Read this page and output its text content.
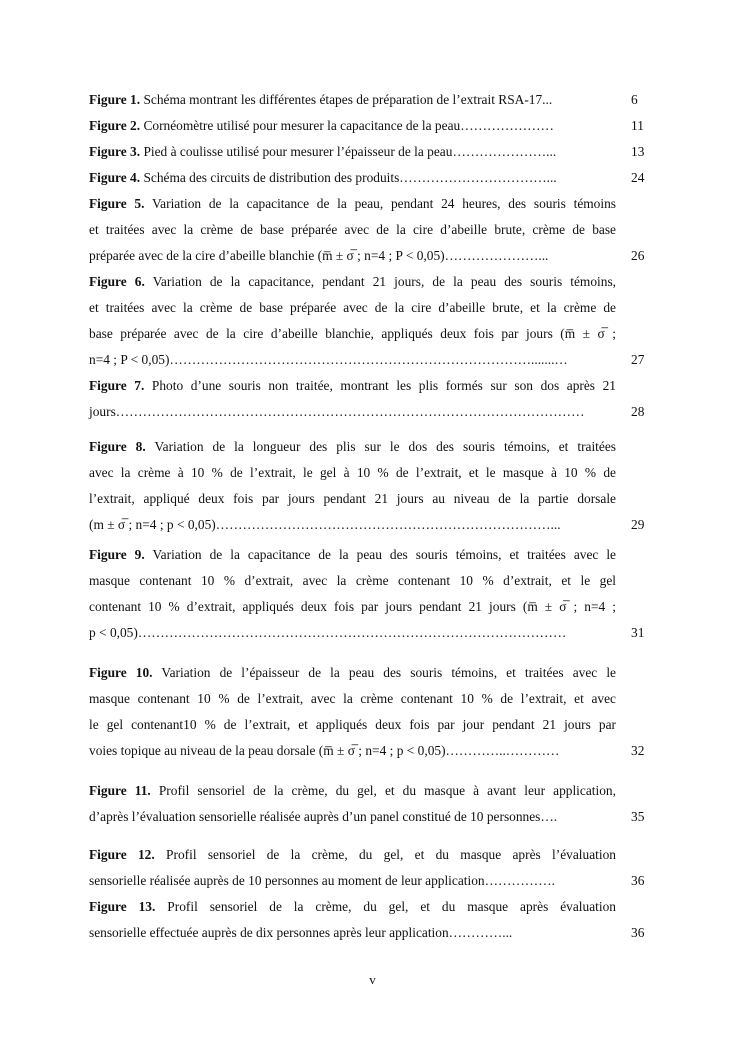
Figure 1. Schéma montrant les différentes étapes de préparation de l’extrait RSA-17...	6
Figure 2. Cornéomètre utilisé pour mesurer la capacitance de la peau…………………	11
Figure 3. Pied à coulisse utilisé pour mesurer l’épaisseur de la peau…………………...	13
Figure 4. Schéma des circuits de distribution des produits……………………………...	24
Figure 5. Variation de la capacitance de la peau, pendant 24 heures, des souris témoins
et traitées avec la crème de base préparée avec de la cire d’abeille brute, crème de base
préparée avec de la cire d’abeille blanchie (m̅ ± σ̅ ; n=4 ; P < 0,05)…………………...	26
Figure 6. Variation de la capacitance, pendant 21 jours, de la peau des souris témoins,
et traitées avec la crème de base préparée avec de la cire d’abeille brute, et la crème de
base préparée avec de la cire d’abeille blanchie, appliqués deux fois par jours (m̅ ± σ̅ ;
n=4 ; P < 0,05)……………………………………………………………………….......…	27
Figure 7. Photo d’une souris non traitée, montrant les plis formés sur son dos après 21
jours……………………………………………………………………………………………	28
Figure 8. Variation de la longueur des plis sur le dos des souris témoins, et traitées
avec la crème à 10 % de l’extrait, le gel à 10 % de l’extrait, et le masque à 10 % de
l’extrait, appliqué deux fois par jours pendant 21 jours au niveau de la partie dorsale
(m ± σ̅ ; n=4 ; p < 0,05)…………………………………………………………………...	29
Figure 9. Variation de la capacitance de la peau des souris témoins, et traitées avec le
masque contenant 10 % d’extrait, avec la crème contenant 10 % d’extrait, et le gel
contenant 10 % d’extrait, appliqués deux fois par jours pendant 21 jours (m̅ ± σ̅ ; n=4 ;
p < 0,05)……………………………………………………………………………………	31
Figure 10. Variation de l’épaisseur de la peau des souris témoins, et traitées avec le
masque contenant 10 % de l’extrait, avec la crème contenant 10 % de l’extrait, et avec
le gel contenant10 % de l’extrait, et appliqués deux fois par jour pendant 21 jours par
voies topique au niveau de la peau dorsale (m̅ ± σ̅ ; n=4 ; p < 0,05)…………..…………	32
Figure 11. Profil sensoriel de la crème, du gel, et du masque à avant leur application,
d’après l’évaluation sensorielle réalisée auprès d’un panel constitué de 10 personnes….	35
Figure 12. Profil sensoriel de la crème, du gel, et du masque après l’évaluation
sensorielle réalisée auprès de 10 personnes au moment de leur application…………….	36
Figure 13. Profil sensoriel de la crème, du gel, et du masque après évaluation
sensorielle effectuée auprès de dix personnes après leur application…………...	36
v
